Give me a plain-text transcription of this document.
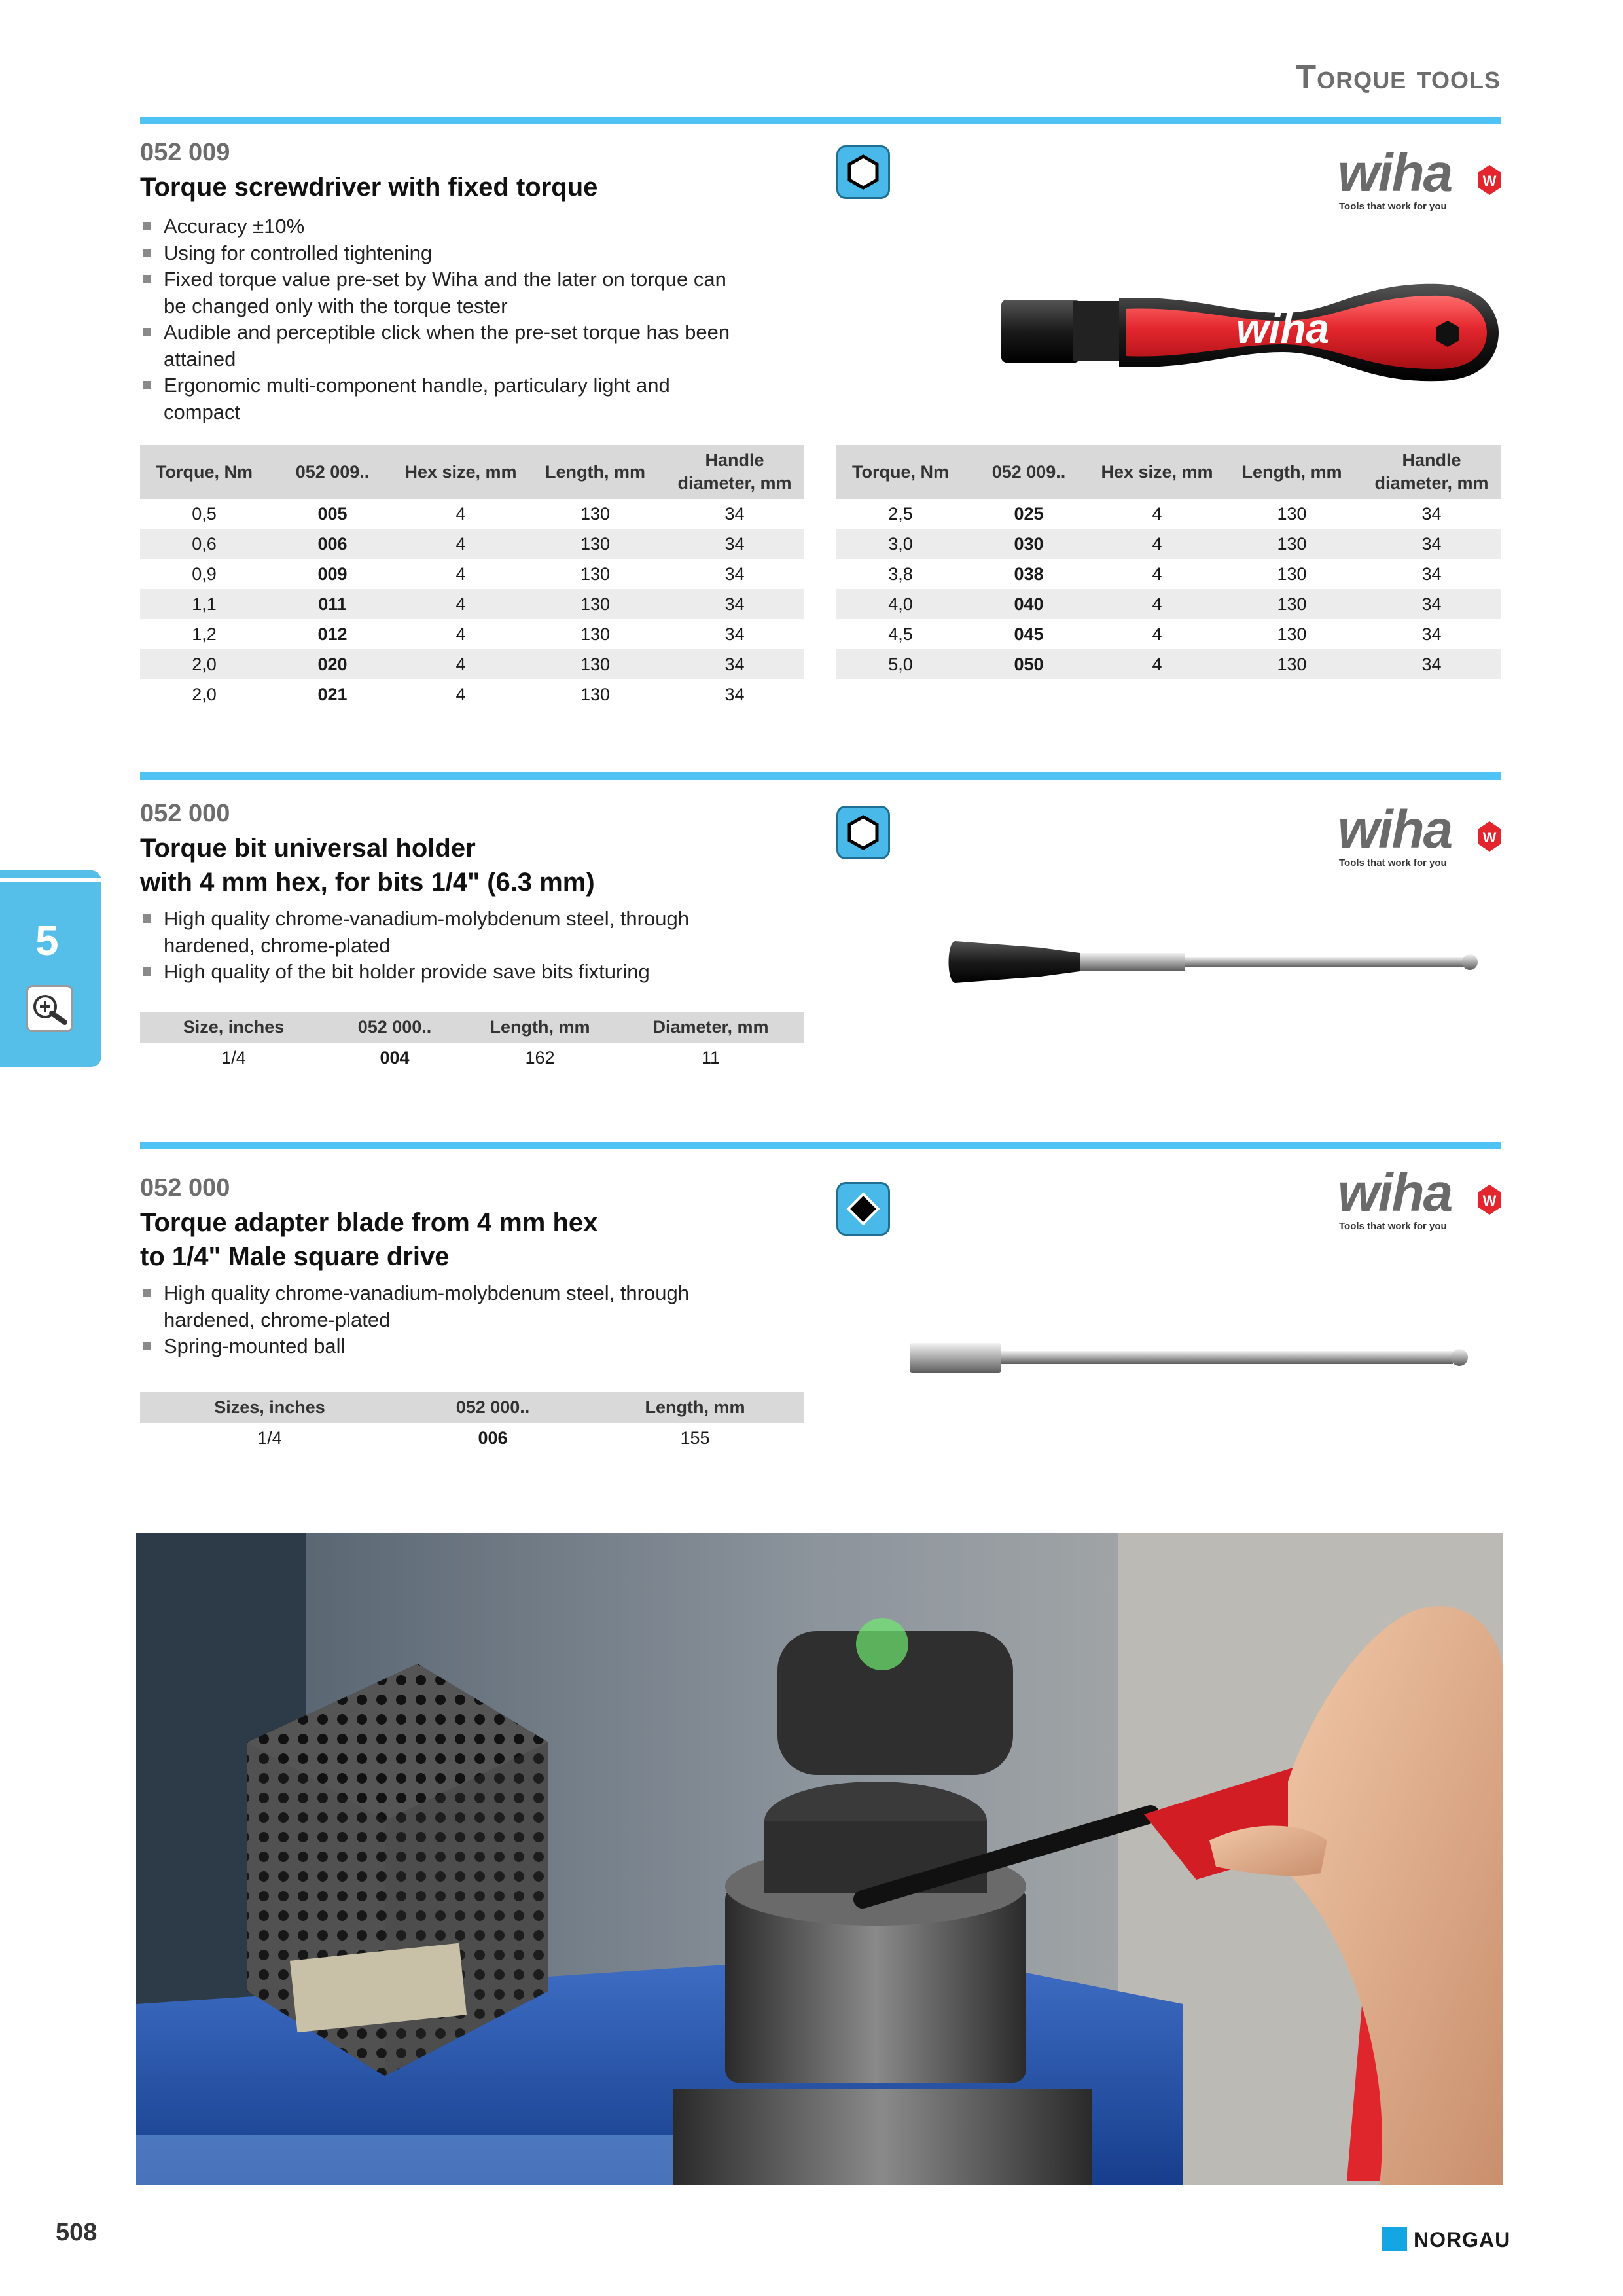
Torque tools
052 009
Torque screwdriver with fixed torque
Accuracy ±10%
Using for controlled tightening
Fixed torque value pre-set by Wiha and the later on torque can be changed only with the torque tester
Audible and perceptible click when the pre-set torque has been attained
Ergonomic multi-component handle, particulary light and compact
wiha W
Tools that work for you
wiha
Torque, Nm	052 009..	Hex size, mm	Length, mm	Handle diameter, mm
0,5	005	4	130	34
0,6	006	4	130	34
0,9	009	4	130	34
1,1	011	4	130	34
1,2	012	4	130	34
2,0	020	4	130	34
2,0	021	4	130	34
Torque, Nm	052 009..	Hex size, mm	Length, mm	Handle diameter, mm
2,5	025	4	130	34
3,0	030	4	130	34
3,8	038	4	130	34
4,0	040	4	130	34
4,5	045	4	130	34
5,0	050	4	130	34
052 000
Torque bit universal holder
with 4 mm hex, for bits 1/4" (6.3 mm)
High quality chrome-vanadium-molybdenum steel, through hardened, chrome-plated
High quality of the bit holder provide save bits fixturing
wiha W
Tools that work for you
Size, inches	052 000..	Length, mm	Diameter, mm
1/4	004	162	11
052 000
Torque adapter blade from 4 mm hex
to 1/4" Male square drive
High quality chrome-vanadium-molybdenum steel, through hardened, chrome-plated
Spring-mounted ball
wiha W
Tools that work for you
Sizes, inches	052 000..	Length, mm
1/4	006	155
5
508	NORGAU
